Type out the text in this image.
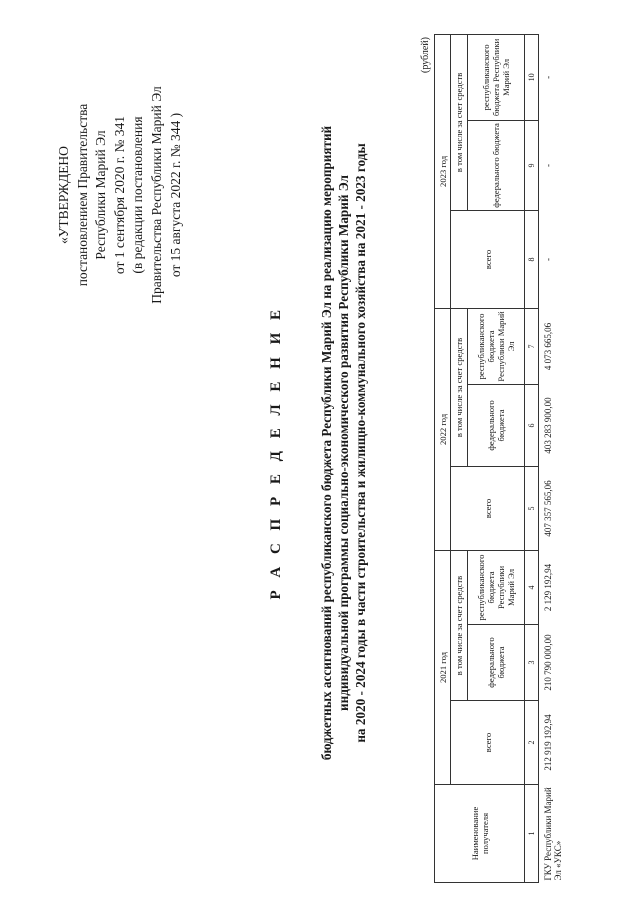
«УТВЕРЖДЕНО постановлением Правительства Республики Марий Эл от 1 сентября 2020 г. № 341 (в редакции постановления Правительства Республики Марий Эл от 15 августа 2022 г. № 344 )
Р А С П Р Е Д Е Л Е Н И Е	бюджетных ассигнований республиканского бюджета Республики Марий Эл на реализацию мероприятий индивидуальной программы социально-экономического развития Республики Марий Эл на 2020 - 2024 годы в части строительства и жилищно-коммунального хозяйства на 2021 - 2023 годы
(рублей)
Наименование получателя	2021 год			2022 год			2023 год		
	всего	в том числе за счет средств		всего	в том числе за счет средств		всего	в том числе за счет средств	
		федерального бюджета	республиканского бюджета Республики Марий Эл		федерального бюджета	республиканского бюджета Республики Марий Эл		федерального бюджета	республиканского бюджета Республики Марий Эл
1	2	3	4	5	6	7	8	9	10
ГКУ Республики Марий Эл «УКС»	212 919 192,94	210 790 000,00	2 129 192,94	407 357 565,06	403 283 900,00	4 073 665,06	-	-	-
